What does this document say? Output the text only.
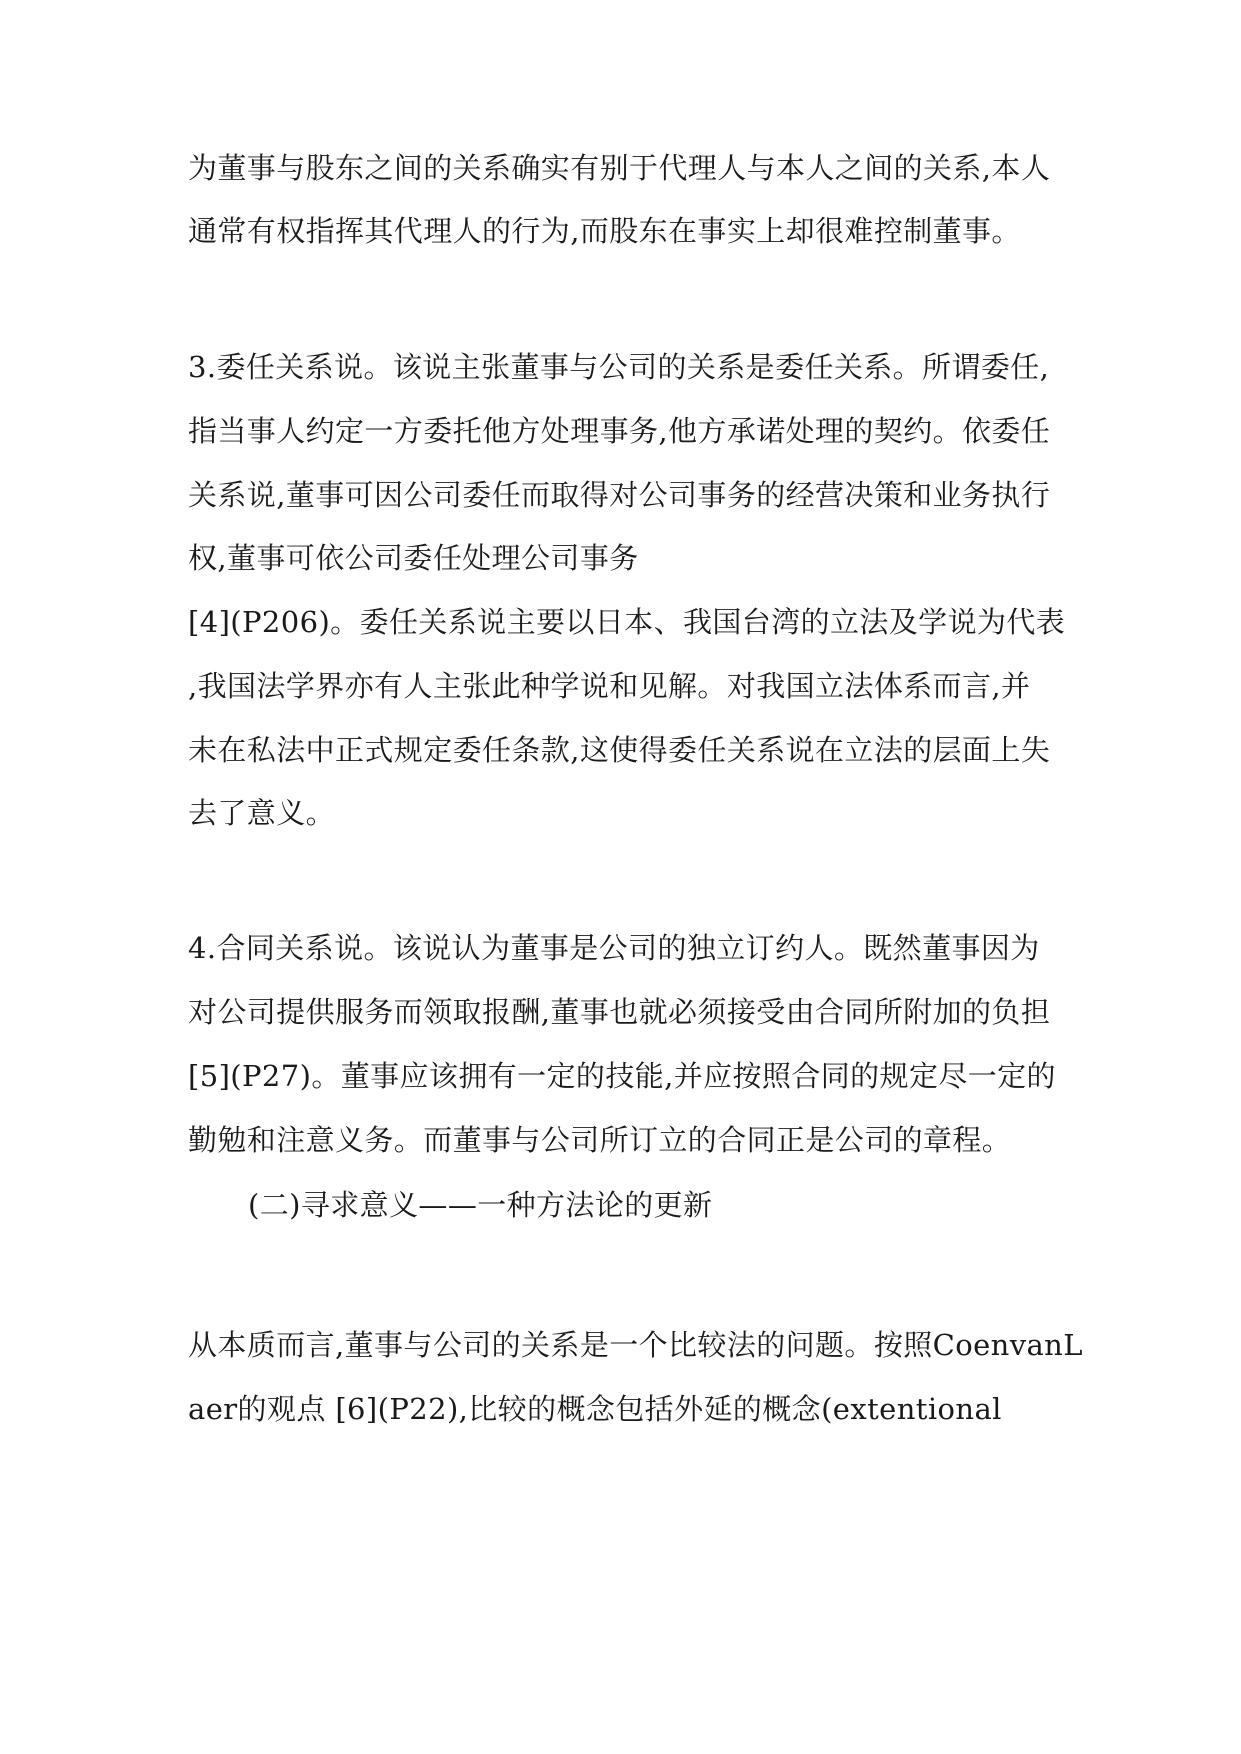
为董事与股东之间的关系确实有别于代理人与本人之间的关系,本人
通常有权指挥其代理人的行为,而股东在事实上却很难控制董事。
3.委任关系说。该说主张董事与公司的关系是委任关系。所谓委任,
指当事人约定一方委托他方处理事务,他方承诺处理的契约。依委任
关系说,董事可因公司委任而取得对公司事务的经营决策和业务执行
权,董事可依公司委任处理公司事务
[4](P206)。委任关系说主要以日本、我国台湾的立法及学说为代表
,我国法学界亦有人主张此种学说和见解。对我国立法体系而言,并
未在私法中正式规定委任条款,这使得委任关系说在立法的层面上失
去了意义。
4.合同关系说。该说认为董事是公司的独立订约人。既然董事因为
对公司提供服务而领取报酬,董事也就必须接受由合同所附加的负担
[5](P27)。董事应该拥有一定的技能,并应按照合同的规定尽一定的
勤勉和注意义务。而董事与公司所订立的合同正是公司的章程。
(二)寻求意义——一种方法论的更新
从本质而言,董事与公司的关系是一个比较法的问题。按照CoenvanL
aer的观点 [6](P22),比较的概念包括外延的概念(extentional
